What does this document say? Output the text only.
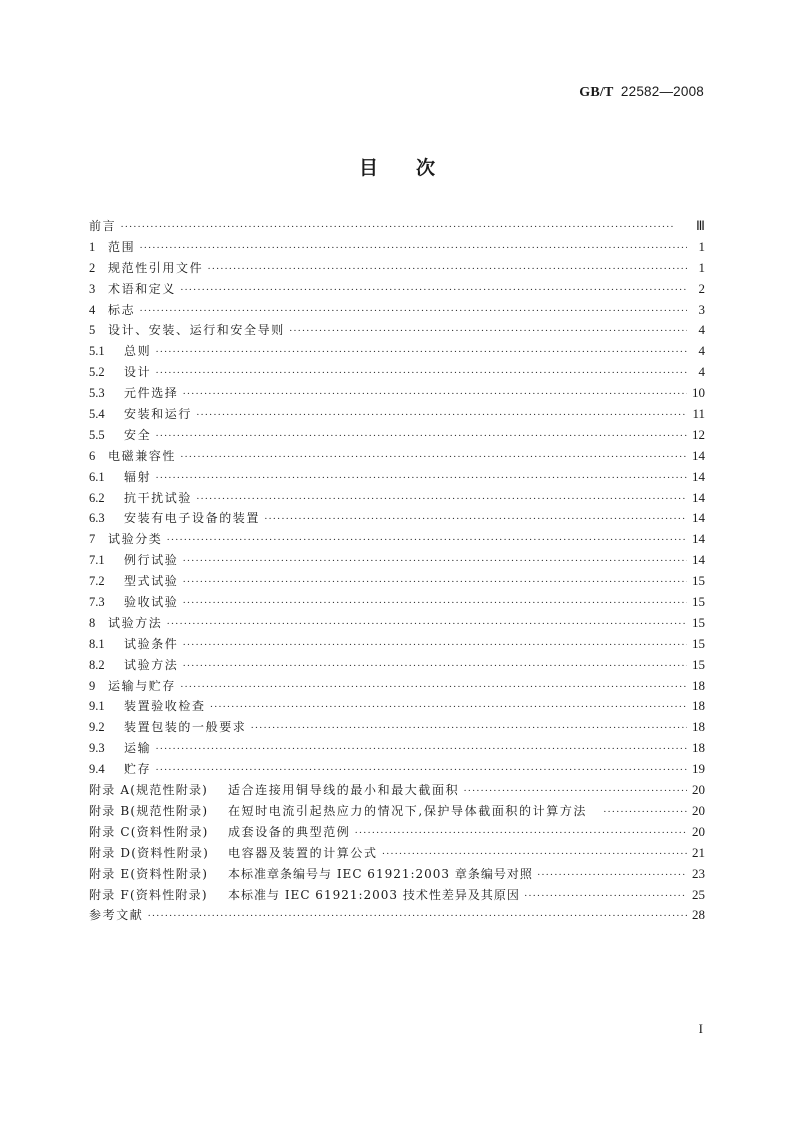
GB/T 22582—2008
目次
前言 ·····	Ⅲ
1	范围 ·····	1
2	规范性引用文件 ·····	1
3	术语和定义 ·····	2
4	标志 ·····	3
5	设计、安装、运行和安全导则 ·····	4
5.1	总则 ·····	4
5.2	设计 ·····	4
5.3	元件选择 ·····	10
5.4	安装和运行 ·····	11
5.5	安全 ·····	12
6	电磁兼容性 ·····	14
6.1	辐射 ·····	14
6.2	抗干扰试验 ·····	14
6.3	安装有电子设备的装置 ·····	14
7	试验分类 ·····	14
7.1	例行试验 ·····	14
7.2	型式试验 ·····	15
7.3	验收试验 ·····	15
8	试验方法 ·····	15
8.1	试验条件 ·····	15
8.2	试验方法 ·····	15
9	运输与贮存 ·····	18
9.1	装置验收检查 ·····	18
9.2	装置包装的一般要求 ·····	18
9.3	运输 ·····	18
9.4	贮存 ·····	19
附录 A(规范性附录)	适合连接用铜导线的最小和最大截面积 ·····	20
附录 B(规范性附录)	在短时电流引起热应力的情况下,保护导体截面积的计算方法 ·····	20
附录 C(资料性附录)	成套设备的典型范例 ·····	20
附录 D(资料性附录)	电容器及装置的计算公式 ·····	21
附录 E(资料性附录)	本标准章条编号与 IEC 61921:2003 章条编号对照 ·····	23
附录 F(资料性附录)	本标准与 IEC 61921:2003 技术性差异及其原因 ·····	25
参考文献 ·····	28
I
